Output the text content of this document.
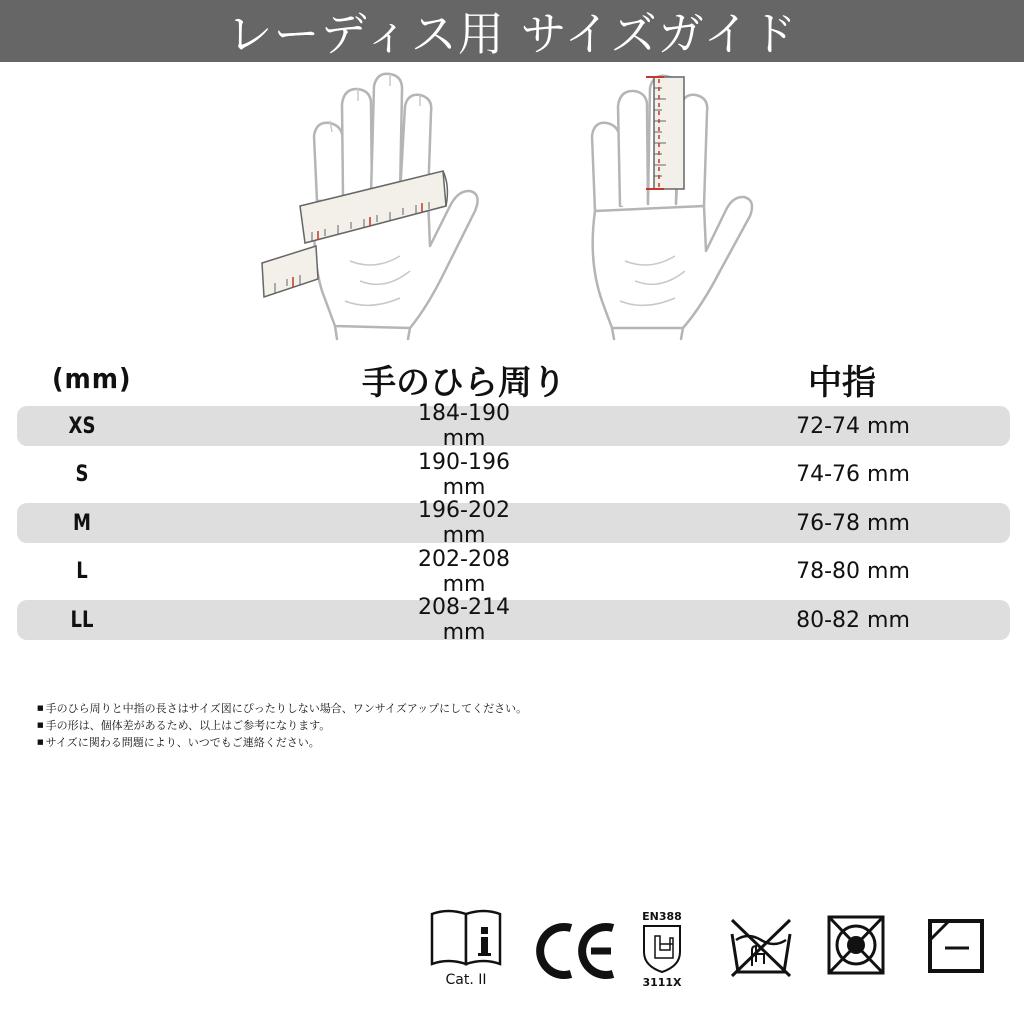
レーディス用 サイズガイド
(mm)	手のひら周り	中指
XS	184-190 mm	72-74 mm
S	190-196 mm	74-76 mm
M	196-202 mm	76-78 mm
L	202-208 mm	78-80 mm
LL	208-214 mm	80-82 mm
■ 手のひら周りと中指の長さはサイズ図にぴったりしない場合、ワンサイズアップにしてください。
■ 手の形は、個体差があるため、以上はご参考になります。
■ サイズに関わる問題により、いつでもご連絡ください。
Cat. II
EN388
3111X
